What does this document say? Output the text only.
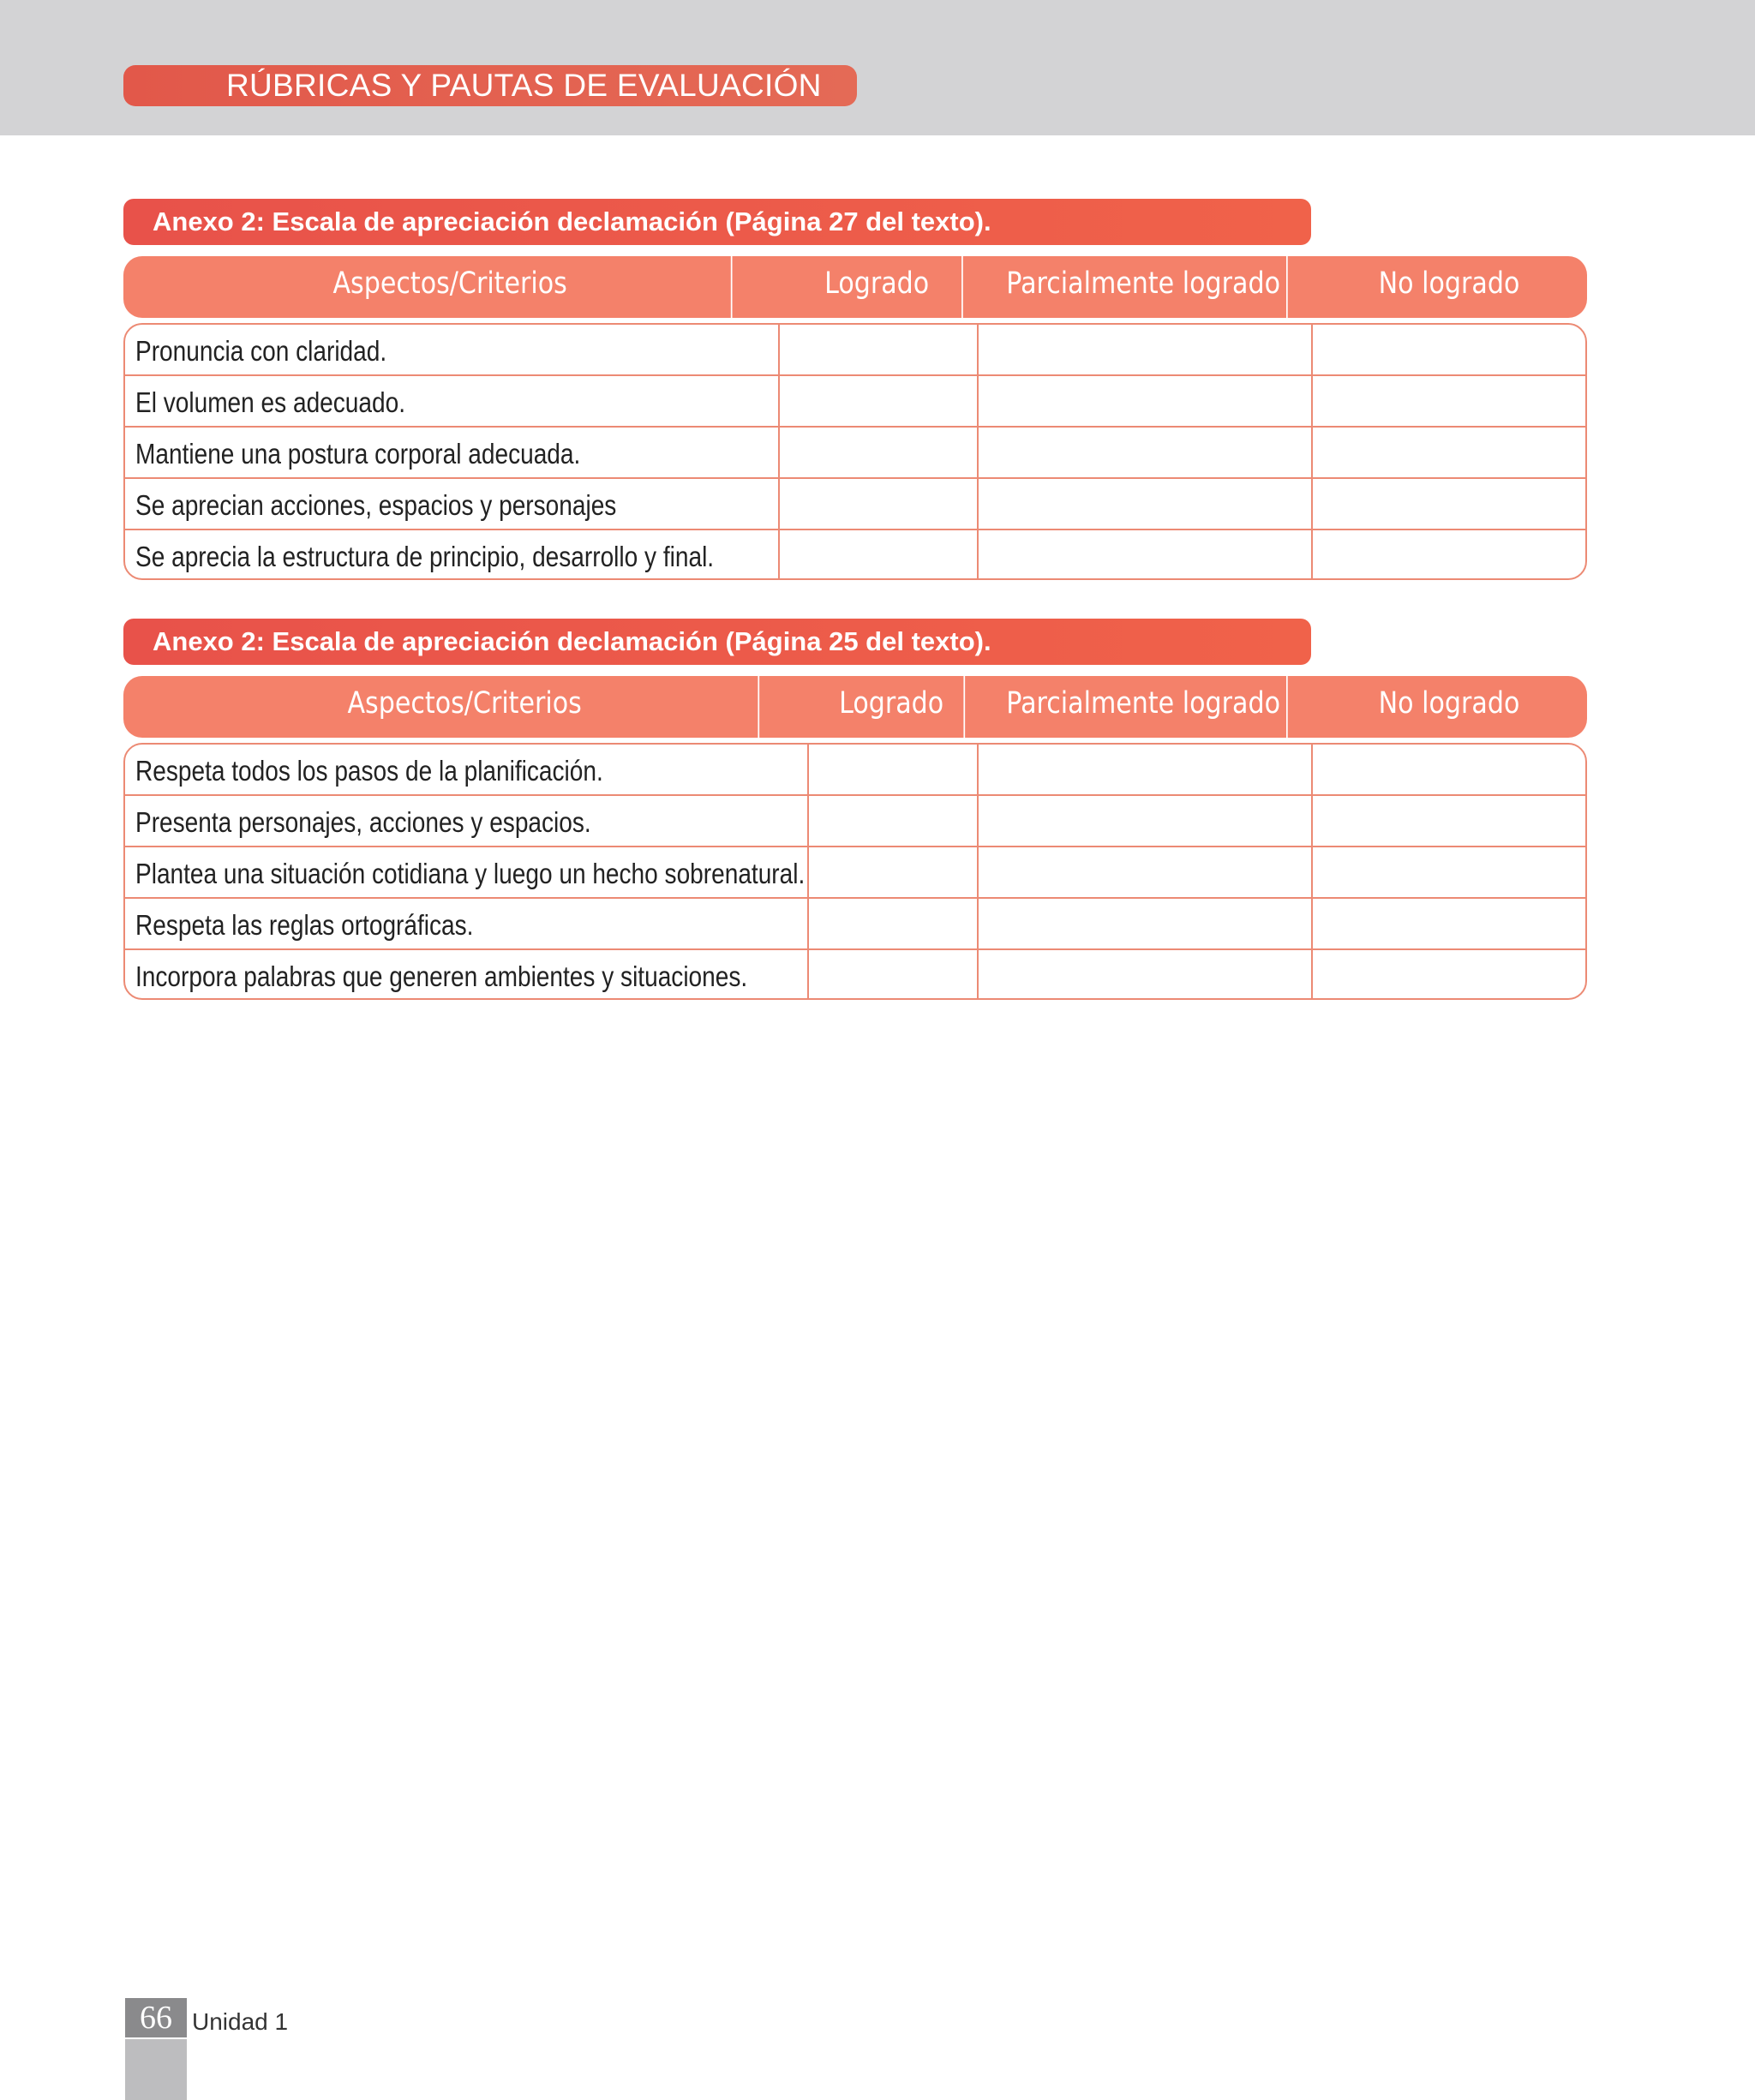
RÚBRICAS Y PAUTAS DE EVALUACIÓN
Anexo 2: Escala de apreciación declamación (Página 27 del texto).
Aspectos/Criterios	Logrado	Parcialmente logrado	No logrado
Pronuncia con claridad.
El volumen es adecuado.
Mantiene una postura corporal adecuada.
Se aprecian acciones, espacios y personajes
Se aprecia la estructura de principio, desarrollo y final.
Anexo 2: Escala de apreciación declamación (Página 25 del texto).
Aspectos/Criterios	Logrado	Parcialmente logrado	No logrado
Respeta todos los pasos de la planificación.
Presenta personajes, acciones y espacios.
Plantea una situación cotidiana y luego un hecho sobrenatural.
Respeta las reglas ortográficas.
Incorpora palabras que generen ambientes y situaciones.
66 Unidad 1
